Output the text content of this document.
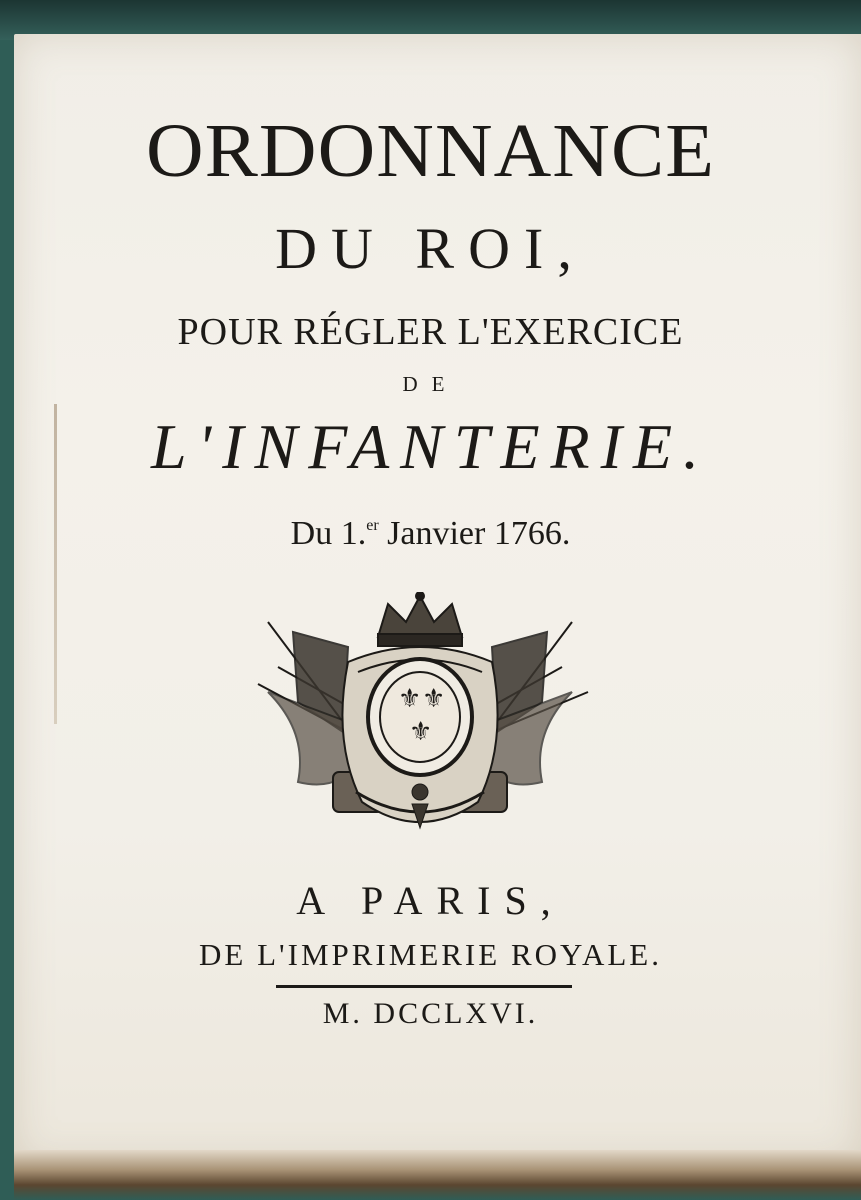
ORDONNANCE
DU ROI,
POUR RÉGLER L'EXERCICE
DE
L'INFANTERIE.
Du 1.$^{er}$ Janvier 1766.
⚜ ⚜
⚜
A PARIS,
DE L'IMPRIMERIE ROYALE.
M. DCCLXVI.
